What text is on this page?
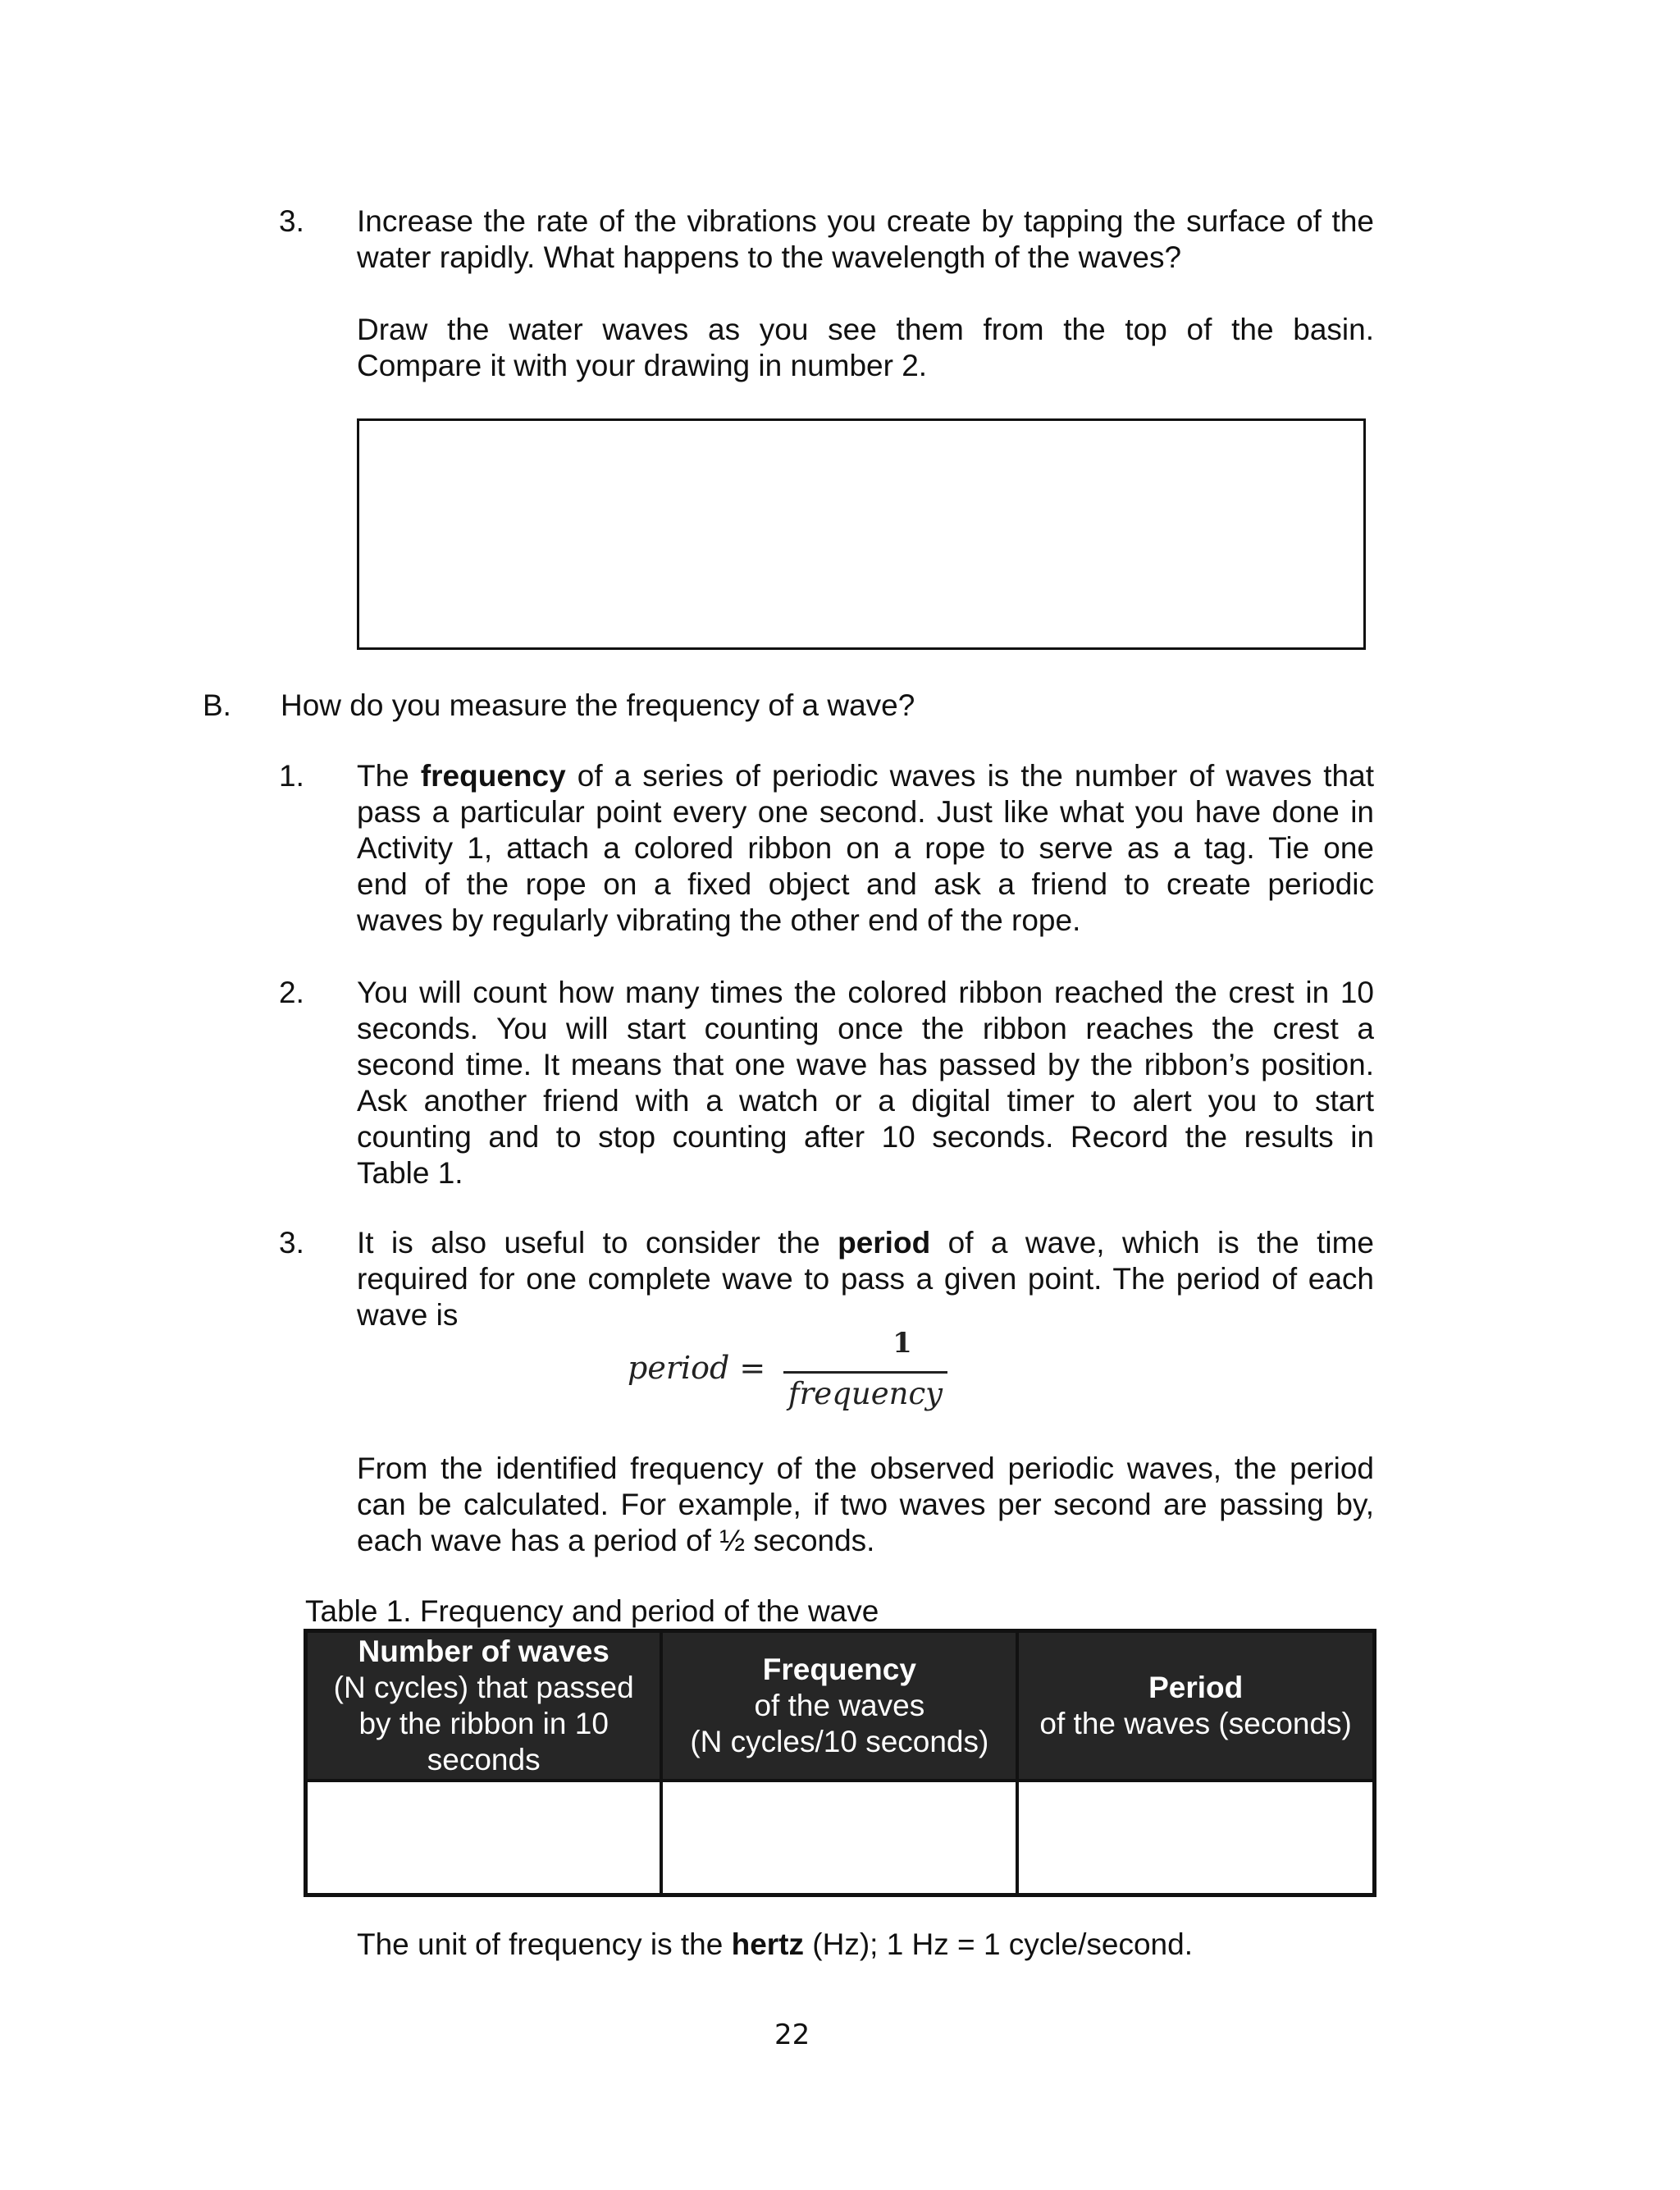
3. Increase the rate of the vibrations you create by tapping the surface of the
water rapidly. What happens to the wavelength of the waves?
Draw the water waves as you see them from the top of the basin.
Compare it with your drawing in number 2.
B. How do you measure the frequency of a wave?
1. The frequency of a series of periodic waves is the number of waves that
pass a particular point every one second. Just like what you have done in
Activity 1, attach a colored ribbon on a rope to serve as a tag. Tie one
end of the rope on a fixed object and ask a friend to create periodic
waves by regularly vibrating the other end of the rope.
2. You will count how many times the colored ribbon reached the crest in 10
seconds. You will start counting once the ribbon reaches the crest a
second time. It means that one wave has passed by the ribbon’s position.
Ask another friend with a watch or a digital timer to alert you to start
counting and to stop counting after 10 seconds. Record the results in
Table 1.
3. It is also useful to consider the period of a wave, which is the time
required for one complete wave to pass a given point. The period of each
wave is
period =
1
frequency
From the identified frequency of the observed periodic waves, the period
can be calculated. For example, if two waves per second are passing by,
each wave has a period of ½ seconds.
Table 1. Frequency and period of the wave
Number of waves
(N cycles) that passed
by the ribbon in 10
seconds	Frequency
of the waves
(N cycles/10 seconds)	Period
of the waves (seconds)

The unit of frequency is the hertz (Hz); 1 Hz = 1 cycle/second.
22
